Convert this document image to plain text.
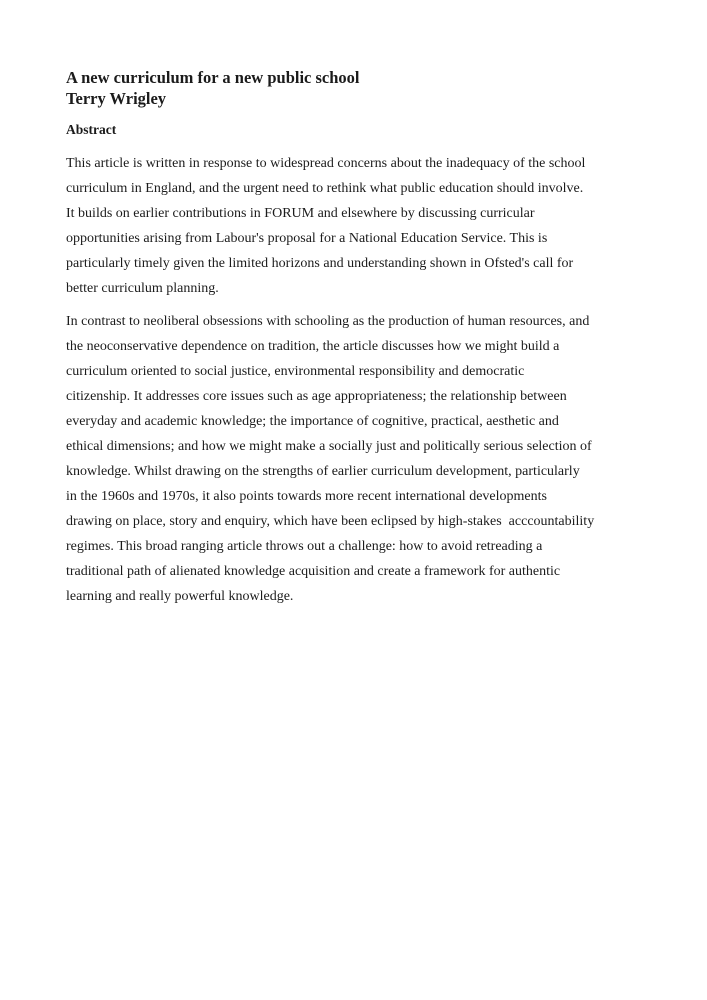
A new curriculum for a new public school
Terry Wrigley
Abstract
This article is written in response to widespread concerns about the inadequacy of the school
curriculum in England, and the urgent need to rethink what public education should involve.
It builds on earlier contributions in FORUM and elsewhere by discussing curricular
opportunities arising from Labour's proposal for a National Education Service. This is
particularly timely given the limited horizons and understanding shown in Ofsted's call for
better curriculum planning.
In contrast to neoliberal obsessions with schooling as the production of human resources, and
the neoconservative dependence on tradition, the article discusses how we might build a
curriculum oriented to social justice, environmental responsibility and democratic
citizenship. It addresses core issues such as age appropriateness; the relationship between
everyday and academic knowledge; the importance of cognitive, practical, aesthetic and
ethical dimensions; and how we might make a socially just and politically serious selection of
knowledge. Whilst drawing on the strengths of earlier curriculum development, particularly
in the 1960s and 1970s, it also points towards more recent international developments
drawing on place, story and enquiry, which have been eclipsed by high-stakes  acccountability
regimes. This broad ranging article throws out a challenge: how to avoid retreading a
traditional path of alienated knowledge acquisition and create a framework for authentic
learning and really powerful knowledge.
